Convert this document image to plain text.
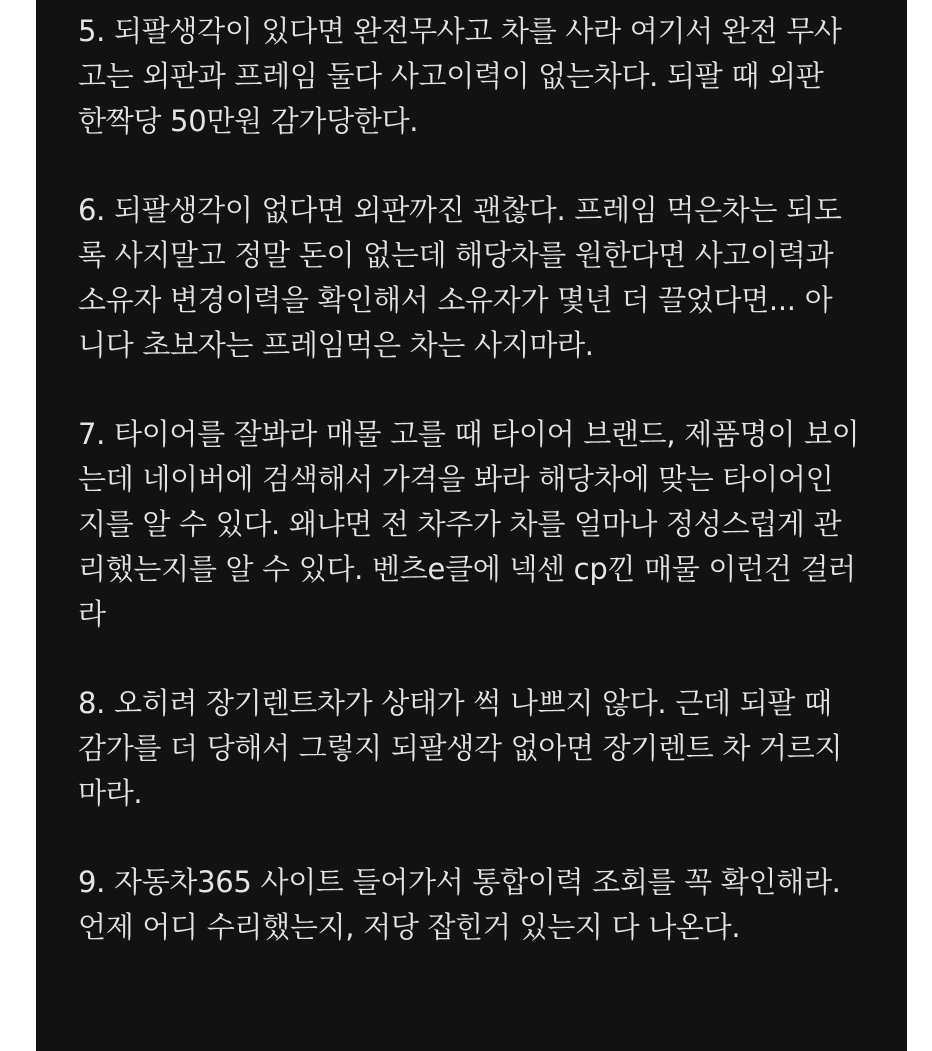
5. 되팔생각이 있다면 완전무사고 차를 사라 여기서 완전 무사
고는 외판과 프레임 둘다 사고이력이 없는차다. 되팔 때 외판
한짝당 50만원 감가당한다.

6. 되팔생각이 없다면 외판까진 괜찮다. 프레임 먹은차는 되도
록 사지말고 정말 돈이 없는데 해당차를 원한다면 사고이력과
소유자 변경이력을 확인해서 소유자가 몇년 더 끌었다면... 아
니다 초보자는 프레임먹은 차는 사지마라.

7. 타이어를 잘봐라 매물 고를 때 타이어 브랜드, 제품명이 보이
는데 네이버에 검색해서 가격을 봐라 해당차에 맞는 타이어인
지를 알 수 있다. 왜냐면 전 차주가 차를 얼마나 정성스럽게 관
리했는지를 알 수 있다. 벤츠e클에 넥센 cp낀 매물 이런건 걸러
라

8. 오히려 장기렌트차가 상태가 썩 나쁘지 않다. 근데 되팔 때
감가를 더 당해서 그렇지 되팔생각 없아면 장기렌트 차 거르지
마라.

9. 자동차365 사이트 들어가서 통합이력 조회를 꼭 확인해라.
언제 어디 수리했는지, 저당 잡힌거 있는지 다 나온다.
